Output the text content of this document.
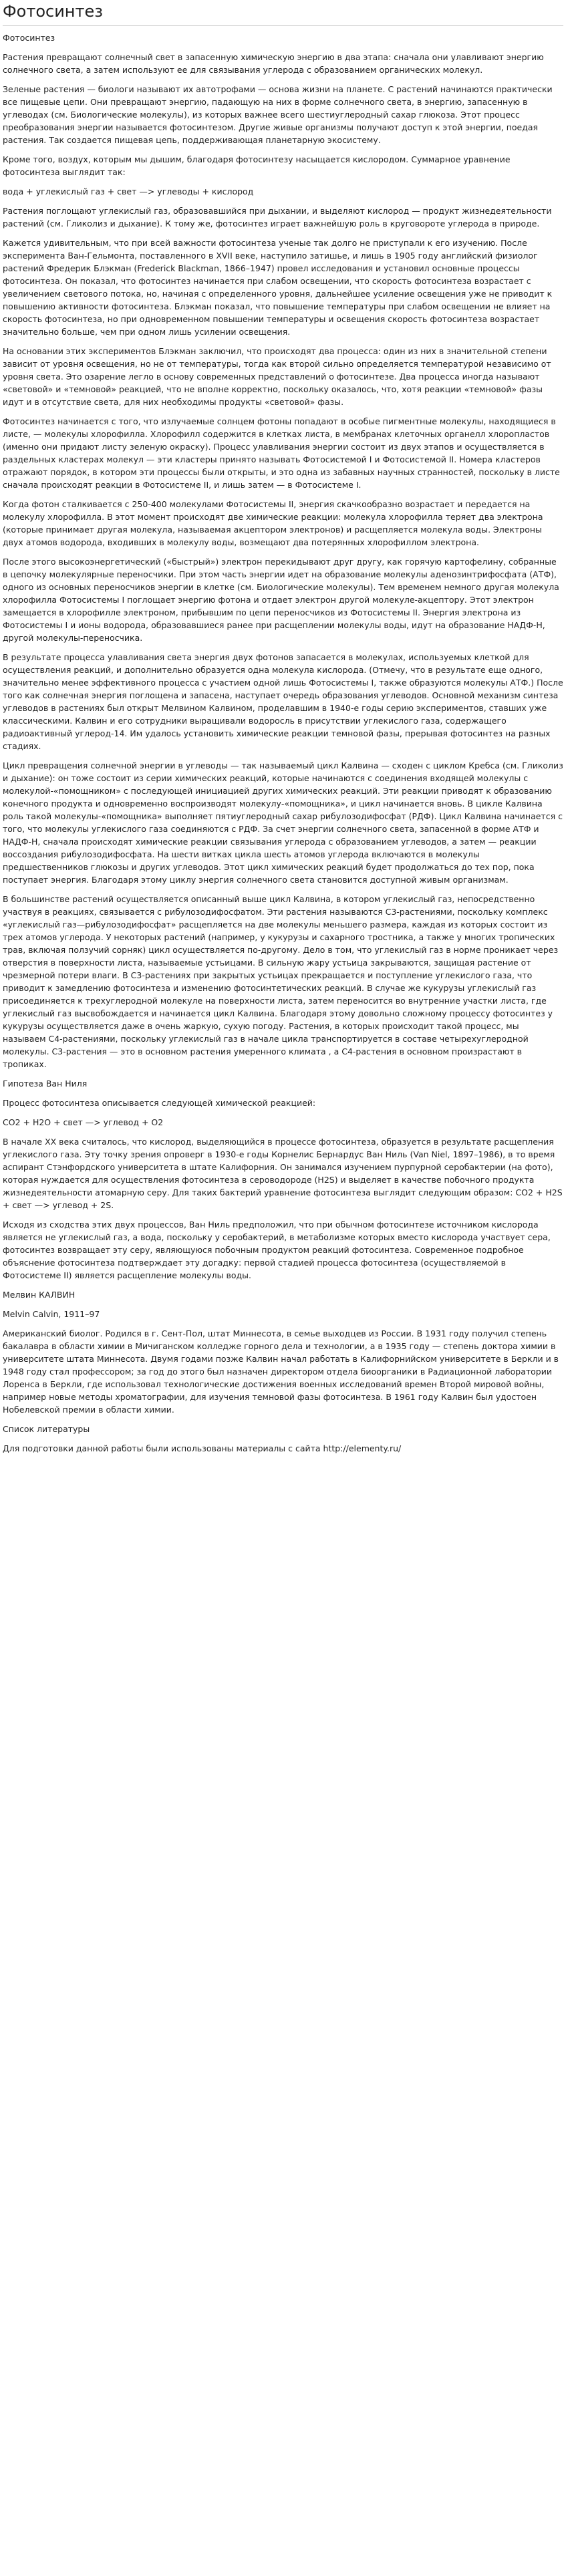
Фотосинтез

Фотосинтез

Растения превращают солнечный свет в запасенную химическую энергию в два этапа: сначала они улавливают энергию солнечного света, а затем используют ее для связывания углерода с образованием органических молекул.

Зеленые растения — биологи называют их автотрофами — основа жизни на планете. С растений начинаются практически все пищевые цепи. Они превращают энергию, падающую на них в форме солнечного света, в энергию, запасенную в углеводах (см. Биологические молекулы), из которых важнее всего шестиуглеродный сахар глюкоза. Этот процесс преобразования энергии называется фотосинтезом. Другие живые организмы получают доступ к этой энергии, поедая растения. Так создается пищевая цепь, поддерживающая планетарную экосистему.

Кроме того, воздух, которым мы дышим, благодаря фотосинтезу насыщается кислородом. Суммарное уравнение фотосинтеза выглядит так:

вода + углекислый газ + свет —> углеводы + кислород

Растения поглощают углекислый газ, образовавшийся при дыхании, и выделяют кислород — продукт жизнедеятельности растений (см. Гликолиз и дыхание). К тому же, фотосинтез играет важнейшую роль в круговороте углерода в природе.

Кажется удивительным, что при всей важности фотосинтеза ученые так долго не приступали к его изучению. После эксперимента Ван-Гельмонта, поставленного в XVII веке, наступило затишье, и лишь в 1905 году английский физиолог растений Фредерик Блэкман (Frederick Blackman, 1866–1947) провел исследования и установил основные процессы фотосинтеза. Он показал, что фотосинтез начинается при слабом освещении, что скорость фотосинтеза возрастает с увеличением светового потока, но, начиная с определенного уровня, дальнейшее усиление освещения уже не приводит к повышению активности фотосинтеза. Блэкман показал, что повышение температуры при слабом освещении не влияет на скорость фотосинтеза, но при одновременном повышении температуры и освещения скорость фотосинтеза возрастает значительно больше, чем при одном лишь усилении освещения.

На основании этих экспериментов Блэкман заключил, что происходят два процесса: один из них в значительной степени зависит от уровня освещения, но не от температуры, тогда как второй сильно определяется температурой независимо от уровня света. Это озарение легло в основу современных представлений о фотосинтезе. Два процесса иногда называют «световой» и «темновой» реакцией, что не вполне корректно, поскольку оказалось, что, хотя реакции «темновой» фазы идут и в отсутствие света, для них необходимы продукты «световой» фазы.

Фотосинтез начинается с того, что излучаемые солнцем фотоны попадают в особые пигментные молекулы, находящиеся в листе, — молекулы хлорофилла. Хлорофилл содержится в клетках листа, в мембранах клеточных органелл хлоропластов (именно они придают листу зеленую окраску). Процесс улавливания энергии состоит из двух этапов и осуществляется в раздельных кластерах молекул — эти кластеры принято называть Фотосистемой I и Фотосистемой II. Номера кластеров отражают порядок, в котором эти процессы были открыты, и это одна из забавных научных странностей, поскольку в листе сначала происходят реакции в Фотосистеме II, и лишь затем — в Фотосистеме I.

Когда фотон сталкивается с 250-400 молекулами Фотосистемы II, энергия скачкообразно возрастает и передается на молекулу хлорофилла. В этот момент происходят две химические реакции: молекула хлорофилла теряет два электрона (которые принимает другая молекула, называемая акцептором электронов) и расщепляется молекула воды. Электроны двух атомов водорода, входивших в молекулу воды, возмещают два потерянных хлорофиллом электрона.

После этого высокоэнергетический («быстрый») электрон перекидывают друг другу, как горячую картофелину, собранные в цепочку молекулярные переносчики. При этом часть энергии идет на образование молекулы аденозинтрифосфата (АТФ), одного из основных переносчиков энергии в клетке (см. Биологические молекулы). Тем временем немного другая молекула хлорофилла Фотосистемы I поглощает энергию фотона и отдает электрон другой молекуле-акцептору. Этот электрон замещается в хлорофилле электроном, прибывшим по цепи переносчиков из Фотосистемы II. Энергия электрона из Фотосистемы I и ионы водорода, образовавшиеся ранее при расщеплении молекулы воды, идут на образование НАДФ-Н, другой молекулы-переносчика.

В результате процесса улавливания света энергия двух фотонов запасается в молекулах, используемых клеткой для осуществления реакций, и дополнительно образуется одна молекула кислорода. (Отмечу, что в результате еще одного, значительно менее эффективного процесса с участием одной лишь Фотосистемы I, также образуются молекулы АТФ.) После того как солнечная энергия поглощена и запасена, наступает очередь образования углеводов. Основной механизм синтеза углеводов в растениях был открыт Мелвином Калвином, проделавшим в 1940-е годы серию экспериментов, ставших уже классическими. Калвин и его сотрудники выращивали водоросль в присутствии углекислого газа, содержащего радиоактивный углерод-14. Им удалось установить химические реакции темновой фазы, прерывая фотосинтез на разных стадиях.

Цикл превращения солнечной энергии в углеводы — так называемый цикл Калвина — сходен с циклом Кребса (см. Гликолиз и дыхание): он тоже состоит из серии химических реакций, которые начинаются с соединения входящей молекулы с молекулой-«помощником» с последующей инициацией других химических реакций. Эти реакции приводят к образованию конечного продукта и одновременно воспроизводят молекулу-«помощника», и цикл начинается вновь. В цикле Калвина роль такой молекулы-«помощника» выполняет пятиуглеродный сахар рибулозодифосфат (РДФ). Цикл Калвина начинается с того, что молекулы углекислого газа соединяются с РДФ. За счет энергии солнечного света, запасенной в форме АТФ и НАДФ-Н, сначала происходят химические реакции связывания углерода с образованием углеводов, а затем — реакции воссоздания рибулозодифосфата. На шести витках цикла шесть атомов углерода включаются в молекулы предшественников глюкозы и других углеводов. Этот цикл химических реакций будет продолжаться до тех пор, пока поступает энергия. Благодаря этому циклу энергия солнечного света становится доступной живым организмам.

В большинстве растений осуществляется описанный выше цикл Калвина, в котором углекислый газ, непосредственно участвуя в реакциях, связывается с рибулозодифосфатом. Эти растения называются С3-растениями, поскольку комплекс «углекислый газ—рибулозодифосфат» расщепляется на две молекулы меньшего размера, каждая из которых состоит из трех атомов углерода. У некоторых растений (например, у кукурузы и сахарного тростника, а также у многих тропических трав, включая ползучий сорняк) цикл осуществляется по-другому. Дело в том, что углекислый газ в норме проникает через отверстия в поверхности листа, называемые устьицами. В сильную жару устьица закрываются, защищая растение от чрезмерной потери влаги. В С3-растениях при закрытых устьицах прекращается и поступление углекислого газа, что приводит к замедлению фотосинтеза и изменению фотосинтетических реакций. В случае же кукурузы углекислый газ присоединяется к трехуглеродной молекуле на поверхности листа, затем переносится во внутренние участки листа, где углекислый газ высвобождается и начинается цикл Калвина. Благодаря этому довольно сложному процессу фотосинтез у кукурузы осуществляется даже в очень жаркую, сухую погоду. Растения, в которых происходит такой процесс, мы называем С4-растениями, поскольку углекислый газ в начале цикла транспортируется в составе четырехуглеродной молекулы. С3-растения — это в основном растения умеренного климата , а С4-растения в основном произрастают в тропиках.

Гипотеза Ван Ниля

Процесс фотосинтеза описывается следующей химической реакцией:

CO2 + H2O + свет —> углевод + O2

В начале XX века считалось, что кислород, выделяющийся в процессе фотосинтеза, образуется в результате расщепления углекислого газа. Эту точку зрения опроверг в 1930-е годы Корнелис Бернардус Ван Ниль (Van Niel, 1897–1986), в то время аспирант Стэнфордского университета в штате Калифорния. Он занимался изучением пурпурной серобактерии (на фото), которая нуждается для осуществления фотосинтеза в сероводороде (H2S) и выделяет в качестве побочного продукта жизнедеятельности атомарную серу. Для таких бактерий уравнение фотосинтеза выглядит следующим образом: CO2 + H2S + свет —> углевод + 2S.

Исходя из сходства этих двух процессов, Ван Ниль предположил, что при обычном фотосинтезе источником кислорода является не углекислый газ, а вода, поскольку у серобактерий, в метаболизме которых вместо кислорода участвует сера, фотосинтез возвращает эту серу, являющуюся побочным продуктом реакций фотосинтеза. Современное подробное объяснение фотосинтеза подтверждает эту догадку: первой стадией процесса фотосинтеза (осуществляемой в Фотосистеме II) является расщепление молекулы воды.

Мелвин КАЛВИН

Melvin Calvin, 1911–97

Американский биолог. Родился в г. Сент-Пол, штат Миннесота, в семье выходцев из России. В 1931 году получил степень бакалавра в области химии в Мичиганском колледже горного дела и технологии, а в 1935 году — степень доктора химии в университете штата Миннесота. Двумя годами позже Калвин начал работать в Калифорнийском университете в Беркли и в 1948 году стал профессором; за год до этого был назначен директором отдела биоорганики в Радиационной лаборатории Лоренса в Беркли, где использовал технологические достижения военных исследований времен Второй мировой войны, например новые методы хроматографии, для изучения темновой фазы фотосинтеза. В 1961 году Калвин был удостоен Нобелевской премии в области химии.

Список литературы

Для подготовки данной работы были использованы материалы с сайта http://elementy.ru/
